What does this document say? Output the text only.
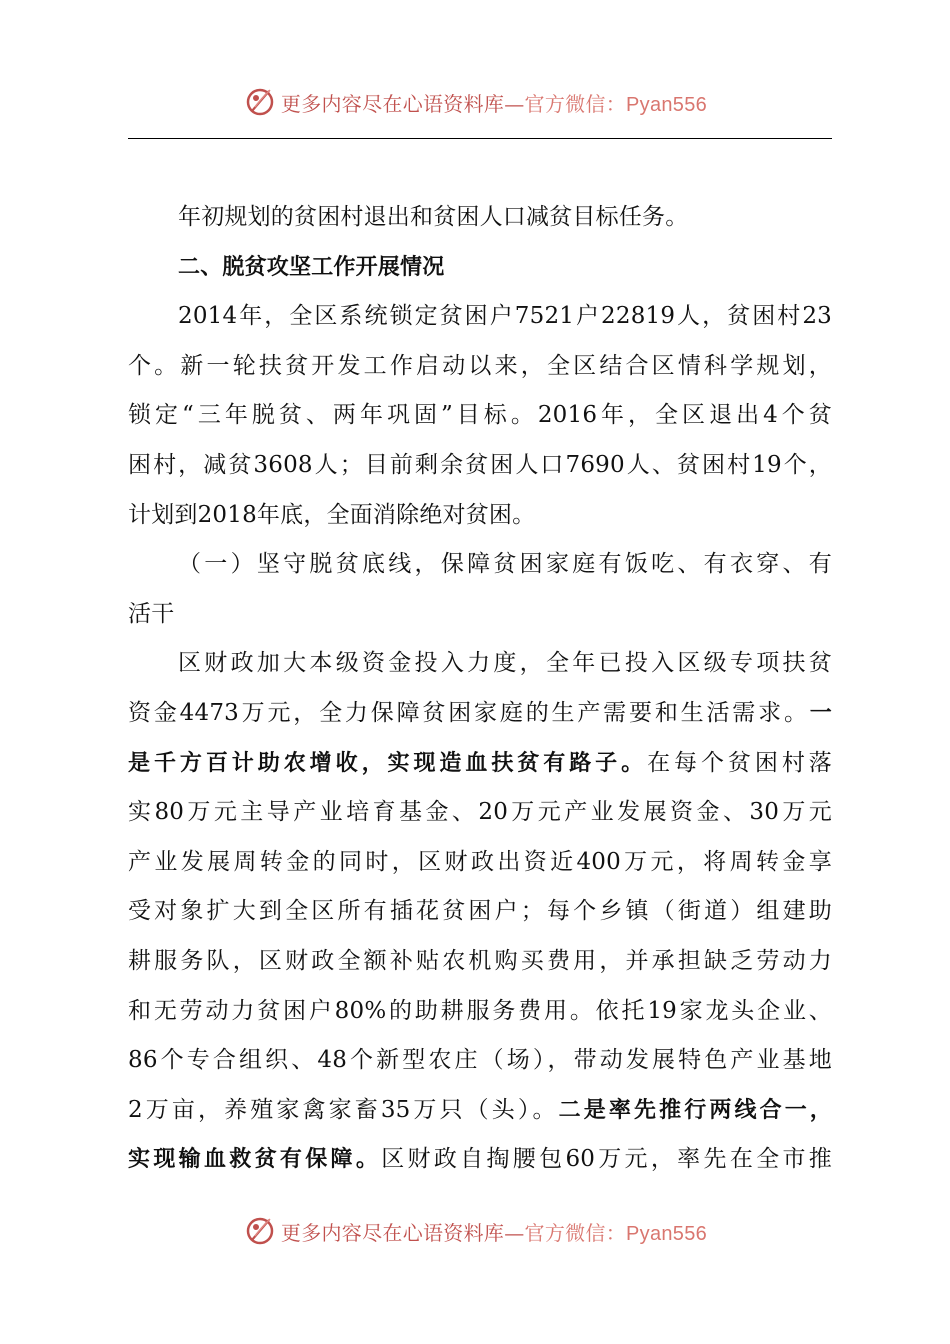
更多内容尽在心语资料库—官方微信：Pyan556
年初规划的贫困村退出和贫困人口减贫目标任务。
二、脱贫攻坚工作开展情况
2014年，全区系统锁定贫困户7521户22819人，贫困村23
个。新一轮扶贫开发工作启动以来，全区结合区情科学规划，
锁定“三年脱贫、两年巩固”目标。2016年，全区退出4个贫
困村，减贫3608人；目前剩余贫困人口7690人、贫困村19个，
计划到2018年底，全面消除绝对贫困。
（一）坚守脱贫底线，保障贫困家庭有饭吃、有衣穿、有
活干
区财政加大本级资金投入力度，全年已投入区级专项扶贫
资金4473万元，全力保障贫困家庭的生产需要和生活需求。一
是千方百计助农增收，实现造血扶贫有路子。在每个贫困村落
实80万元主导产业培育基金、20万元产业发展资金、30万元
产业发展周转金的同时，区财政出资近400万元，将周转金享
受对象扩大到全区所有插花贫困户；每个乡镇（街道）组建助
耕服务队，区财政全额补贴农机购买费用，并承担缺乏劳动力
和无劳动力贫困户80%的助耕服务费用。依托19家龙头企业、
86个专合组织、48个新型农庄（场），带动发展特色产业基地
2万亩，养殖家禽家畜35万只（头）。二是率先推行两线合一，
实现输血救贫有保障。区财政自掏腰包60万元，率先在全市推
更多内容尽在心语资料库—官方微信：Pyan556
